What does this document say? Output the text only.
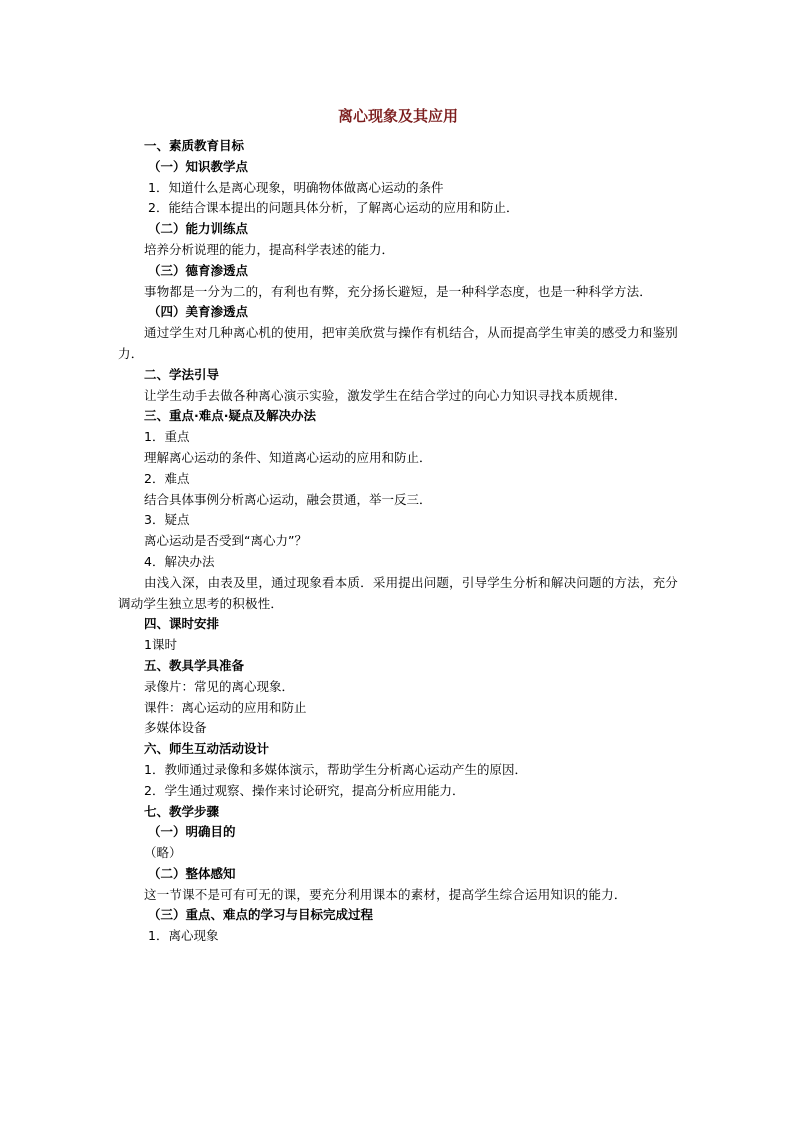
离心现象及其应用
一、素质教育目标
（一）知识教学点
1．知道什么是离心现象，明确物体做离心运动的条件
2．能结合课本提出的问题具体分析，了解离心运动的应用和防止．
（二）能力训练点
培养分析说理的能力，提高科学表述的能力．
（三）德育渗透点
事物都是一分为二的，有利也有弊，充分扬长避短，是一种科学态度，也是一种科学方法．
（四）美育渗透点
通过学生对几种离心机的使用，把审美欣赏与操作有机结合，从而提高学生审美的感受力和鉴别力．
二、学法引导
让学生动手去做各种离心演示实验，激发学生在结合学过的向心力知识寻找本质规律．
三、重点·难点·疑点及解决办法
1．重点
理解离心运动的条件、知道离心运动的应用和防止．
2．难点
结合具体事例分析离心运动，融会贯通，举一反三．
3．疑点
离心运动是否受到“离心力”？
4．解决办法
由浅入深，由表及里，通过现象看本质．采用提出问题，引导学生分析和解决问题的方法，充分调动学生独立思考的积极性．
四、课时安排
1课时
五、教具学具准备
录像片：常见的离心现象．
课件：离心运动的应用和防止
多媒体设备
六、师生互动活动设计
1．教师通过录像和多媒体演示，帮助学生分析离心运动产生的原因．
2．学生通过观察、操作来讨论研究，提高分析应用能力．
七、教学步骤
（一）明确目的
（略）
（二）整体感知
这一节课不是可有可无的课，要充分利用课本的素材，提高学生综合运用知识的能力．
（三）重点、难点的学习与目标完成过程
1．离心现象
